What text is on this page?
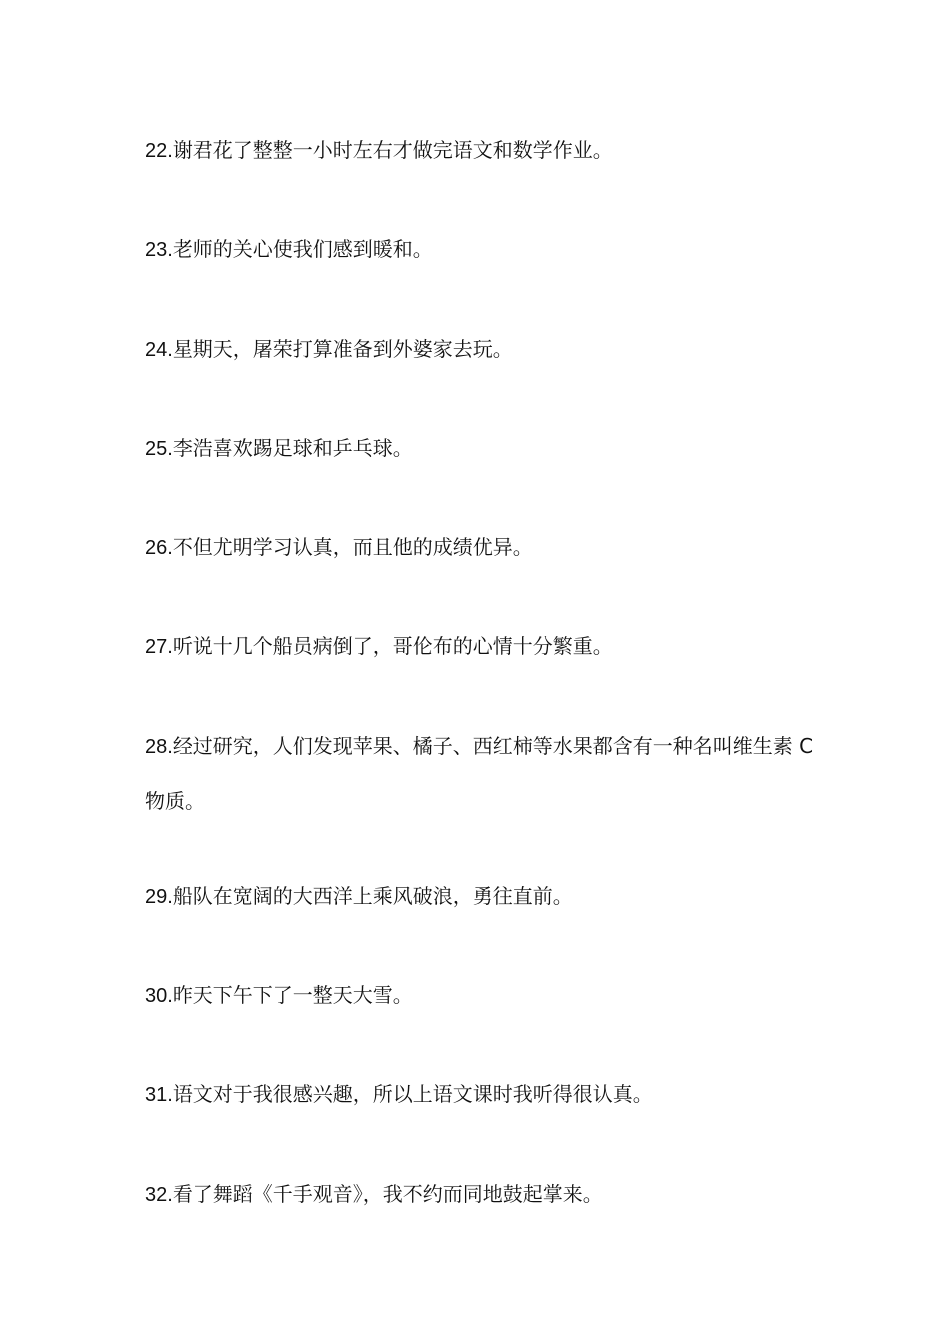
22.谢君花了整整一小时左右才做完语文和数学作业。
23.老师的关心使我们感到暖和。
24.星期天，屠荣打算准备到外婆家去玩。
25.李浩喜欢踢足球和乒乓球。
26.不但尤明学习认真，而且他的成绩优异。
27.听说十几个船员病倒了，哥伦布的心情十分繁重。
28.经过研究，人们发现苹果、橘子、西红柿等水果都含有一种名叫维生素 C 物质。
29.船队在宽阔的大西洋上乘风破浪，勇往直前。
30.昨天下午下了一整天大雪。
31.语文对于我很感兴趣，所以上语文课时我听得很认真。
32.看了舞蹈《千手观音》，我不约而同地鼓起掌来。
